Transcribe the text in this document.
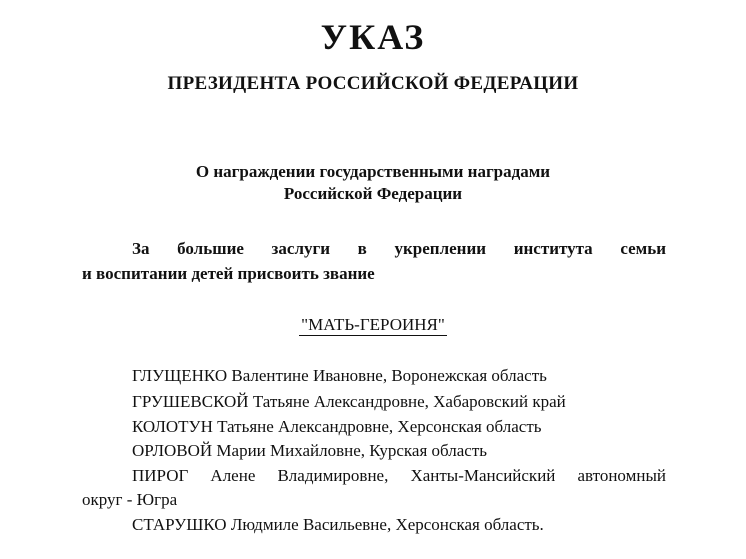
УКАЗ
ПРЕЗИДЕНТА РОССИЙСКОЙ ФЕДЕРАЦИИ
О награждении государственными наградами
Российской Федерации
За большие заслуги в укреплении института семьи
и воспитании детей присвоить звание
"МАТЬ-ГЕРОИНЯ"
ГЛУЩЕНКО Валентине Ивановне, Воронежская область
ГРУШЕВСКОЙ Татьяне Александровне, Хабаровский край
КОЛОТУН Татьяне Александровне, Херсонская область
ОРЛОВОЙ Марии Михайловне, Курская область
ПИРОГ Алене Владимировне, Ханты-Мансийский автономный
округ - Югра
СТАРУШКО Людмиле Васильевне, Херсонская область.
